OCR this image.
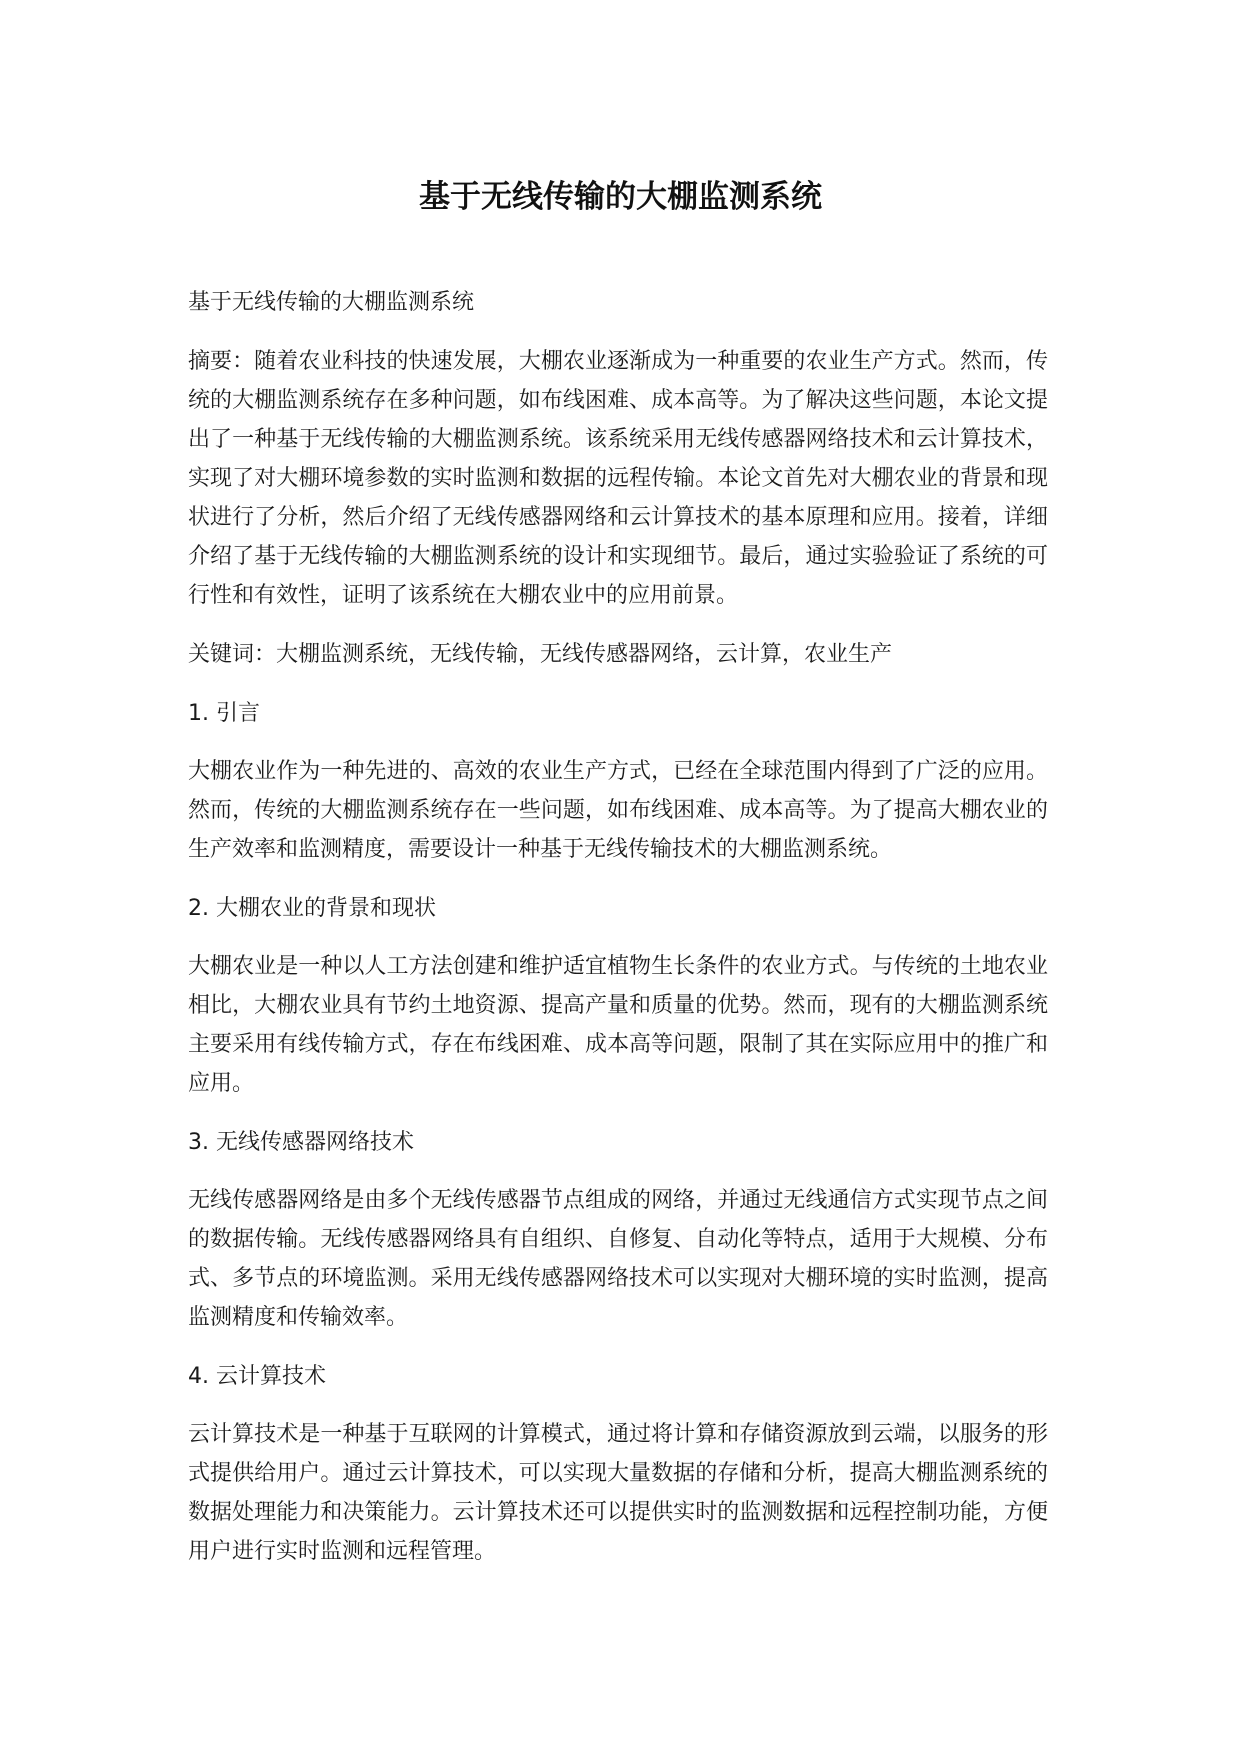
基于无线传输的大棚监测系统

基于无线传输的大棚监测系统

摘要：随着农业科技的快速发展，大棚农业逐渐成为一种重要的农业生产方式。然而，传统的大棚监测系统存在多种问题，如布线困难、成本高等。为了解决这些问题，本论文提出了一种基于无线传输的大棚监测系统。该系统采用无线传感器网络技术和云计算技术，实现了对大棚环境参数的实时监测和数据的远程传输。本论文首先对大棚农业的背景和现状进行了分析，然后介绍了无线传感器网络和云计算技术的基本原理和应用。接着，详细介绍了基于无线传输的大棚监测系统的设计和实现细节。最后，通过实验验证了系统的可行性和有效性，证明了该系统在大棚农业中的应用前景。

关键词：大棚监测系统，无线传输，无线传感器网络，云计算，农业生产

1. 引言

大棚农业作为一种先进的、高效的农业生产方式，已经在全球范围内得到了广泛的应用。然而，传统的大棚监测系统存在一些问题，如布线困难、成本高等。为了提高大棚农业的生产效率和监测精度，需要设计一种基于无线传输技术的大棚监测系统。

2. 大棚农业的背景和现状

大棚农业是一种以人工方法创建和维护适宜植物生长条件的农业方式。与传统的土地农业相比，大棚农业具有节约土地资源、提高产量和质量的优势。然而，现有的大棚监测系统主要采用有线传输方式，存在布线困难、成本高等问题，限制了其在实际应用中的推广和应用。

3. 无线传感器网络技术

无线传感器网络是由多个无线传感器节点组成的网络，并通过无线通信方式实现节点之间的数据传输。无线传感器网络具有自组织、自修复、自动化等特点，适用于大规模、分布式、多节点的环境监测。采用无线传感器网络技术可以实现对大棚环境的实时监测，提高监测精度和传输效率。

4. 云计算技术

云计算技术是一种基于互联网的计算模式，通过将计算和存储资源放到云端，以服务的形式提供给用户。通过云计算技术，可以实现大量数据的存储和分析，提高大棚监测系统的数据处理能力和决策能力。云计算技术还可以提供实时的监测数据和远程控制功能，方便用户进行实时监测和远程管理。
